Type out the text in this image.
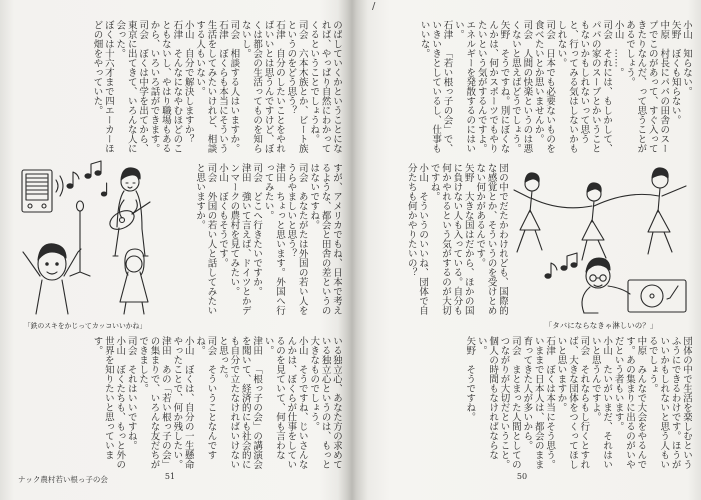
/

のばしていくかということになれば、やっぱり自然にわかってくるということでしょうね。

司会六本木族とか、ビート族というのをどう思う？

石津自分のしたいことをやればいいとは思うんですけど、ぼくは都会の生活ってものを知らないし。

司会相談する人はいますか。

石津ぼくらも本当にそういう生活をしてみたいけれど、相談する人もいない。

小山自分で解決しますか？

石津そんなになやむほどのこともないし、やはり職場もあるから、いろいろ話ができます。

司会ぼくは中学を出てから、東京に出てきて、いろんな人に会った。

ぼくは十六才まで四エーカーほどの畑をやっていた。

「鉄のスキをかじってカッコいいかね」

すが、アメリカでもね、日本で考えるような、都会と田舎の差というのはないですね。

司会あなたがたは外国の若い人をうらやましいと思う？

津田ちょっと思います。外国へ行ってみたい。

司会どこへ行きたいですか。

津田強いて言えば、ドイツとかデンマークの農村を見てみたい。

小山ぼくもそうです。

司会外国の若い人と話してみたいと思いますか。

いる独立心、あなた方の求めている独立心というのは、もっと大きなものでしょう。

小山そうですね、じいさんなんかは、ぼくらが仕事をしているのを見ていて、何も言わない。

津田「根っ子の会」の講演会を聞いて、経済的にも社会的にも自分で立たなければいけないと思った。

司会そういうことなんですね。

小山ぼくは、自分の一生懸命やったことで、何か残したい。

津田あの「若い根っ子の会」の集まりで、いろんな友だちができました。

司会それはいいですね。

小山ぼくたちも、もっと外の世界を知りたいと思っています。

ナック農村若い根っ子の会	51

小山知らない。

矢野ぼくも知らない。

中原村長にパパの田舎のスープでこのがあって、すぐ入ってきたりなんだ、って思うことがあるでしょう。

小山……。

司会それには、もしかして、パパの家のスープとかいうこともないかもしれないって思うと、行ってみる気はしないかもしれない。

司会日本でも必要ないものを食べたいとか思いませんか。

司会人間の快楽というのは悪くないと思えばどうでしょう。

矢野そうですね。別にぼくなんかは、何かスポーツでもやりたいという気がするんですよ。エネルギーを発散するのにはいい。

石津「若い根っ子の会」で、いきいきとしているし、仕事もいいな。

団の中でだたかわけれども、国際的な感覚とか、そういうのを受けとめない何かがあるんです。

矢野大きな国はだから、ほかの国に負けない人も入っている。自分も何かやれるという気がするのが大切ですね。

小山そういうのいいね、団体で自分たちも何かやりたいの？

「タバにならなきゃ淋しいの？」

団体の中で生活を楽しむというふうにできるわけです。ほうがいいかもしれないと思う人もいるでしょう。

中原みんなで大会をやるんです。あの集まりに出るのがいやだという者もいます。

小山たいがいまだ、それはいいと思うんですよ。

司会それならもし行くとすれば、大きな団体をつくってほしいと思いますか。

石津ぼくは本当にそう思う。いままで日本人は、都会のまま育ってきた人が多いから。

司会まとまった人間としてのつながりが大切だということ。個人の時間もなければならない。

矢野そうですね。

50
